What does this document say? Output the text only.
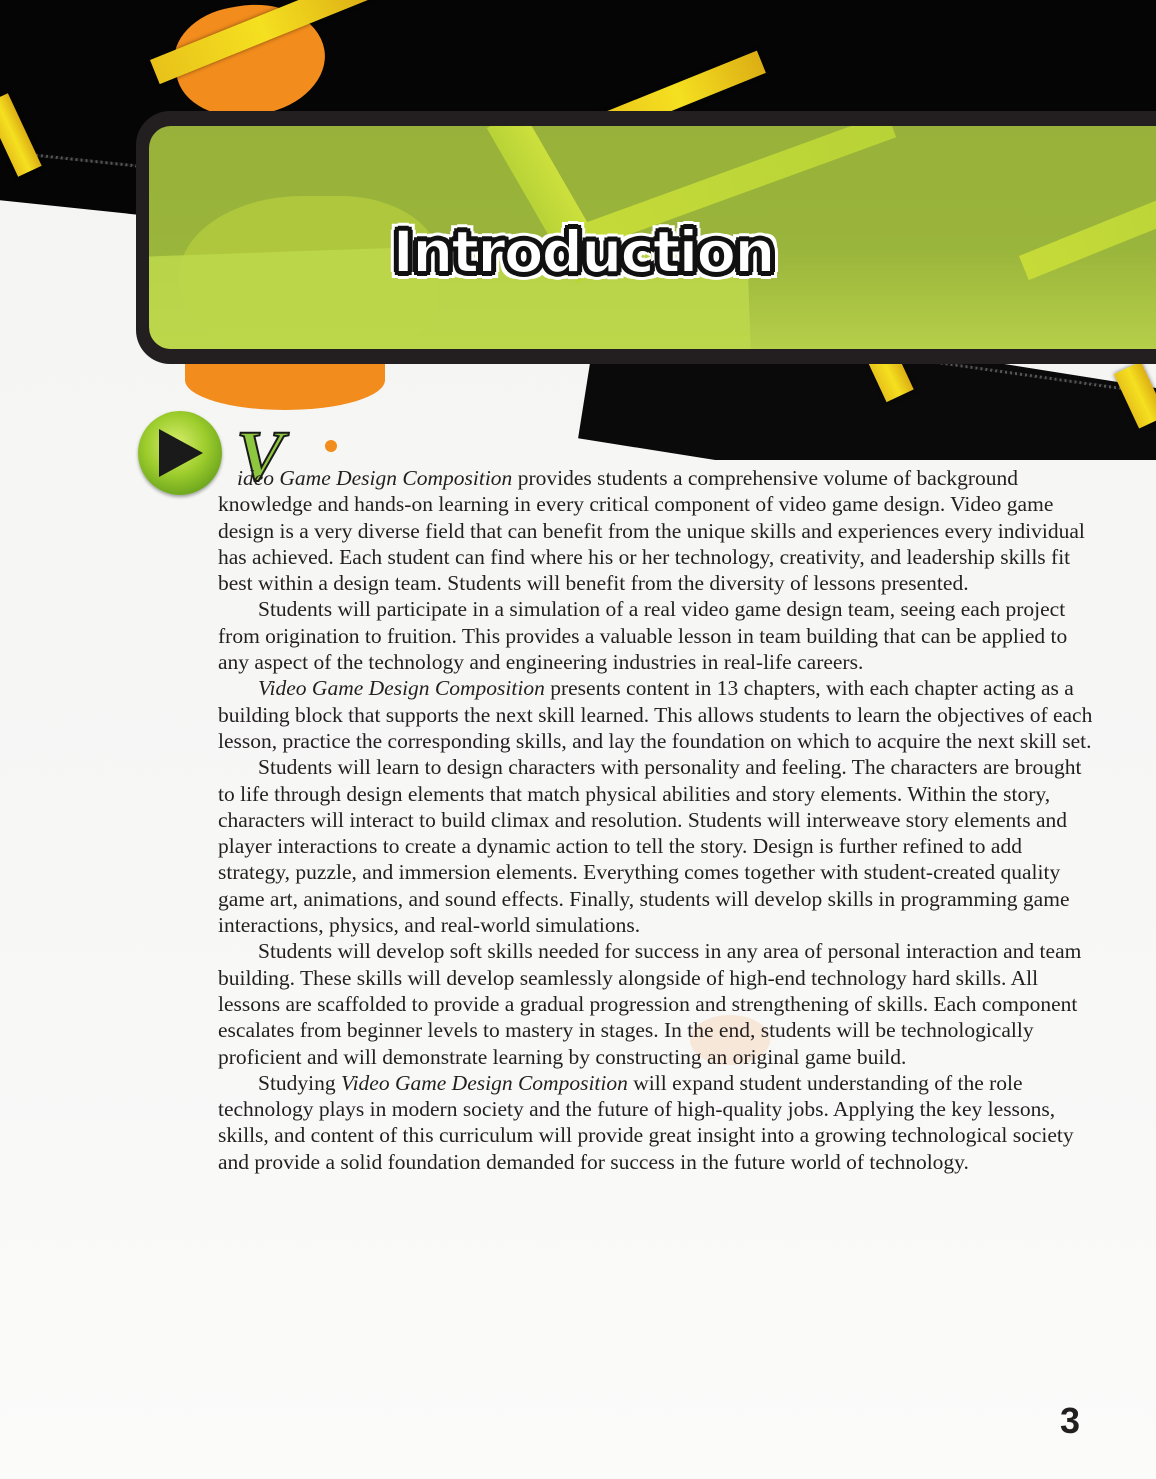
Introduction
V

ideo Game Design Composition provides students a comprehensive volume of background knowledge and hands-on learning in every critical component of video game design. Video game design is a very diverse field that can benefit from the unique skills and experiences every individual has achieved. Each student can find where his or her technology, creativity, and leadership skills fit best within a design team. Students will benefit from the diversity of lessons presented.

Students will participate in a simulation of a real video game design team, seeing each project from origination to fruition. This provides a valuable lesson in team building that can be applied to any aspect of the technology and engineering industries in real-life careers.

Video Game Design Composition presents content in 13 chapters, with each chapter acting as a building block that supports the next skill learned. This allows students to learn the objectives of each lesson, practice the corresponding skills, and lay the foundation on which to acquire the next skill set.

Students will learn to design characters with personality and feeling. The characters are brought to life through design elements that match physical abilities and story elements. Within the story, characters will interact to build climax and resolution. Students will interweave story elements and player interactions to create a dynamic action to tell the story. Design is further refined to add strategy, puzzle, and immersion elements. Everything comes together with student-created quality game art, animations, and sound effects. Finally, students will develop skills in programming game interactions, physics, and real-world simulations.

Students will develop soft skills needed for success in any area of personal interaction and team building. These skills will develop seamlessly alongside of high-end technology hard skills. All lessons are scaffolded to provide a gradual progression and strengthening of skills. Each component escalates from beginner levels to mastery in stages. In the end, students will be technologically proficient and will demonstrate learning by constructing an original game build.

Studying Video Game Design Composition will expand student understanding of the role technology plays in modern society and the future of high-quality jobs. Applying the key lessons, skills, and content of this curriculum will provide great insight into a growing technological society and provide a solid foundation demanded for success in the future world of technology.

3
